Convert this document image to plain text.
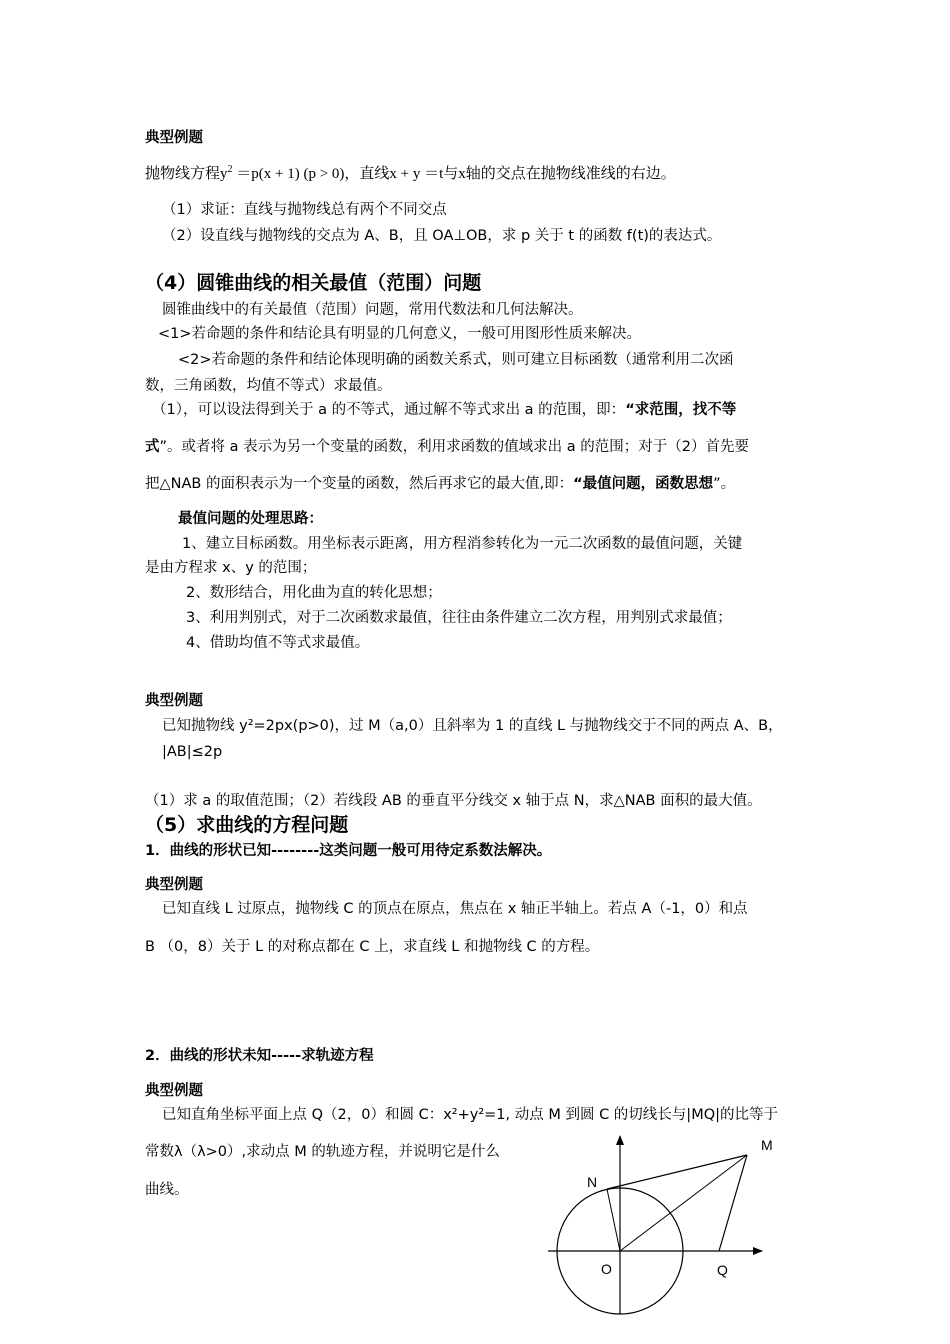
典型例题
抛物线方程$y^2 =p(x + 1) (p > 0)$，直线x + y ＝t与x轴的交点在抛物线准线的右边。
（1）求证：直线与抛物线总有两个不同交点
（2）设直线与抛物线的交点为 A、B，且 OA⊥OB，求 p 关于 t 的函数 f(t)的表达式。
（4）圆锥曲线的相关最值（范围）问题
圆锥曲线中的有关最值（范围）问题，常用代数法和几何法解决。
<1>若命题的条件和结论具有明显的几何意义，一般可用图形性质来解决。
<2>若命题的条件和结论体现明确的函数关系式，则可建立目标函数（通常利用二次函
数，三角函数，均值不等式）求最值。
（1），可以设法得到关于 a 的不等式，通过解不等式求出 a 的范围，即：“求范围，找不等
式”。或者将 a 表示为另一个变量的函数，利用求函数的值域求出 a 的范围；对于（2）首先要
把△NAB 的面积表示为一个变量的函数，然后再求它的最大值,即：“最值问题，函数思想”。
最值问题的处理思路：
1、建立目标函数。用坐标表示距离，用方程消参转化为一元二次函数的最值问题，关键
是由方程求 x、y 的范围；
2、数形结合，用化曲为直的转化思想；
3、利用判别式，对于二次函数求最值，往往由条件建立二次方程，用判别式求最值；
4、借助均值不等式求最值。
典型例题
已知抛物线 y²=2px(p>0)，过 M（a,0）且斜率为 1 的直线 L 与抛物线交于不同的两点 A、B，
|AB|≤2p
（1）求 a 的取值范围；（2）若线段 AB 的垂直平分线交 x 轴于点 N，求△NAB 面积的最大值。
（5）求曲线的方程问题
1．曲线的形状已知--------这类问题一般可用待定系数法解决。
典型例题
已知直线 L 过原点，抛物线 C 的顶点在原点，焦点在 x 轴正半轴上。若点 A（-1，0）和点
B （0，8）关于 L 的对称点都在 C 上，求直线 L 和抛物线 C 的方程。
2．曲线的形状未知-----求轨迹方程
典型例题
已知直角坐标平面上点 Q（2，0）和圆 C：x²+y²=1, 动点 M 到圆 C 的切线长与|MQ|的比等于
常数λ（λ>0）,求动点 M 的轨迹方程，并说明它是什么
曲线。
M
N
O	Q
